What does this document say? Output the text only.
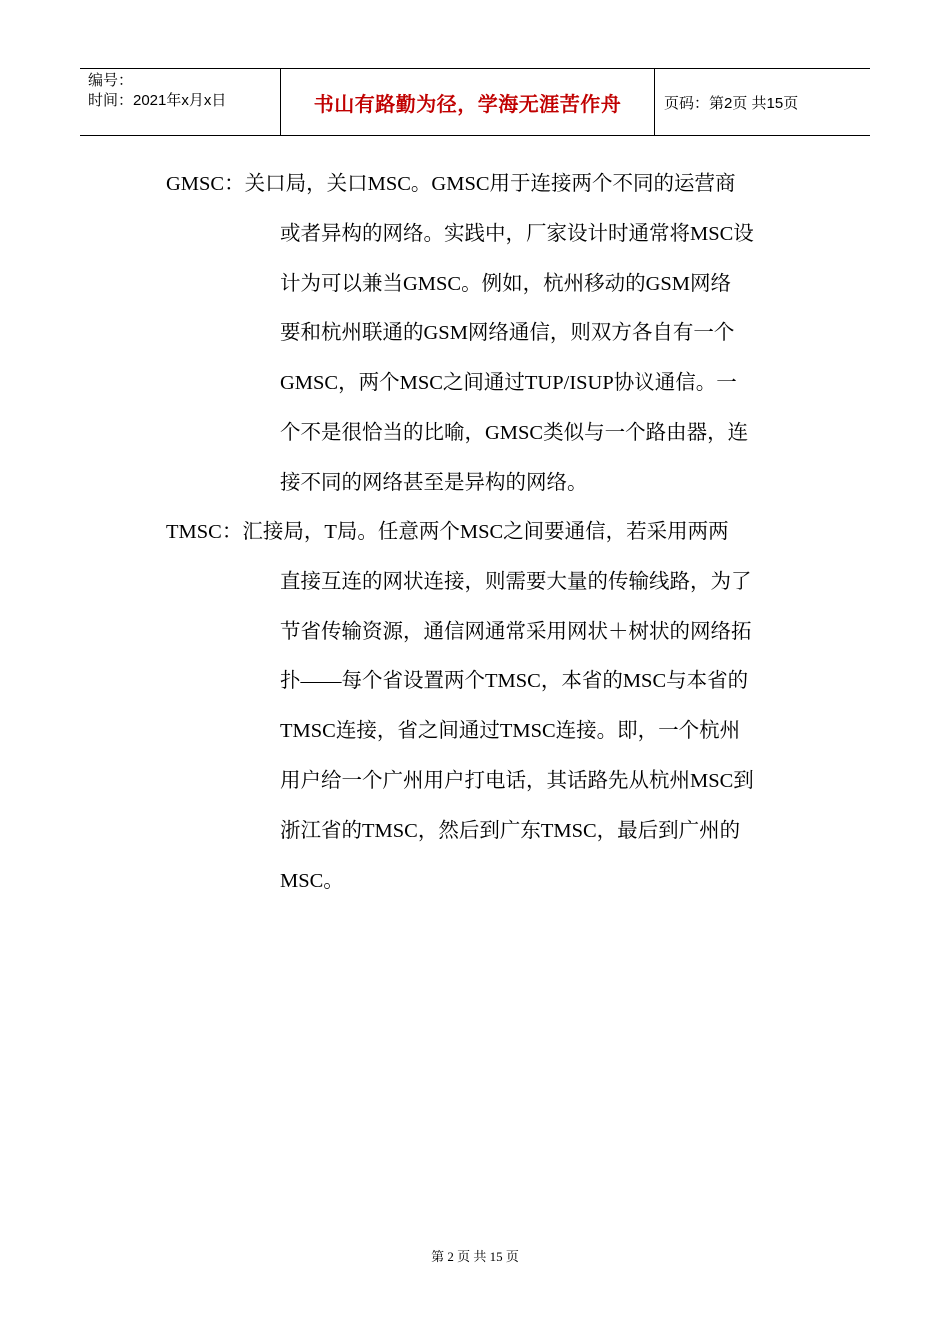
编号：
时间：2021年x月x日	书山有路勤为径，学海无涯苦作舟	页码：第2页 共15页
GMSC：关口局，关口MSC。GMSC用于连接两个不同的运营商
或者异构的网络。实践中，厂家设计时通常将MSC设
计为可以兼当GMSC。例如，杭州移动的GSM网络
要和杭州联通的GSM网络通信，则双方各自有一个
GMSC，两个MSC之间通过TUP/ISUP协议通信。一
个不是很恰当的比喻，GMSC类似与一个路由器，连
接不同的网络甚至是异构的网络。
TMSC：汇接局，T局。任意两个MSC之间要通信，若采用两两
直接互连的网状连接，则需要大量的传输线路，为了
节省传输资源，通信网通常采用网状＋树状的网络拓
扑——每个省设置两个TMSC，本省的MSC与本省的
TMSC连接，省之间通过TMSC连接。即，一个杭州
用户给一个广州用户打电话，其话路先从杭州MSC到
浙江省的TMSC，然后到广东TMSC，最后到广州的
MSC。
第 2 页 共 15 页
